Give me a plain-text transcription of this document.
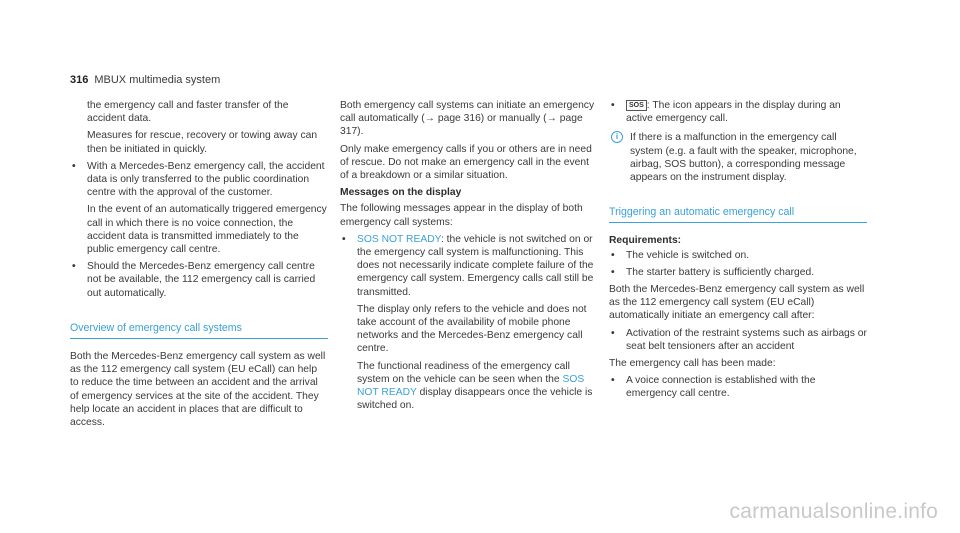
316 MBUX multimedia system

the emergency call and faster transfer of the accident data.

Measures for rescue, recovery or towing away can then be initiated in quickly.

• With a Mercedes-Benz emergency call, the accident data is only transferred to the public coordination centre with the approval of the customer.

In the event of an automatically triggered emergency call in which there is no voice connection, the accident data is transmitted immediately to the public emergency call centre.

• Should the Mercedes-Benz emergency call centre not be available, the 112 emergency call is carried out automatically.
Overview of emergency call systems

Both the Mercedes-Benz emergency call system as well as the 112 emergency call system (EU eCall) can help to reduce the time between an accident and the arrival of emergency services at the site of the accident. They help locate an accident in places that are difficult to access.

Both emergency call systems can initiate an emergency call automatically (→ page 316) or manually (→ page 317).

Only make emergency calls if you or others are in need of rescue. Do not make an emergency call in the event of a breakdown or a similar situation.

Messages on the display

The following messages appear in the display of both emergency call systems:

• SOS NOT READY: the vehicle is not switched on or the emergency call system is malfunctioning. This does not necessarily indicate complete failure of the emergency call system. Emergency calls call still be transmitted.

The display only refers to the vehicle and does not take account of the availability of mobile phone networks and the Mercedes-Benz emergency call centre.

The functional readiness of the emergency call system on the vehicle can be seen when the SOS NOT READY display disappears once the vehicle is switched on.

• SOS : The icon appears in the display during an active emergency call.
i	If there is a malfunction in the emergency call system (e.g. a fault with the speaker, microphone, airbag, SOS button), a corresponding message appears on the instrument display.
Triggering an automatic emergency call
Requirements:
• The vehicle is switched on.
• The starter battery is sufficiently charged.

Both the Mercedes-Benz emergency call system as well as the 112 emergency call system (EU eCall) automatically initiate an emergency call after:

• Activation of the restraint systems such as airbags or seat belt tensioners after an accident

The emergency call has been made:

• A voice connection is established with the emergency call centre.
carmanualsonline.info
